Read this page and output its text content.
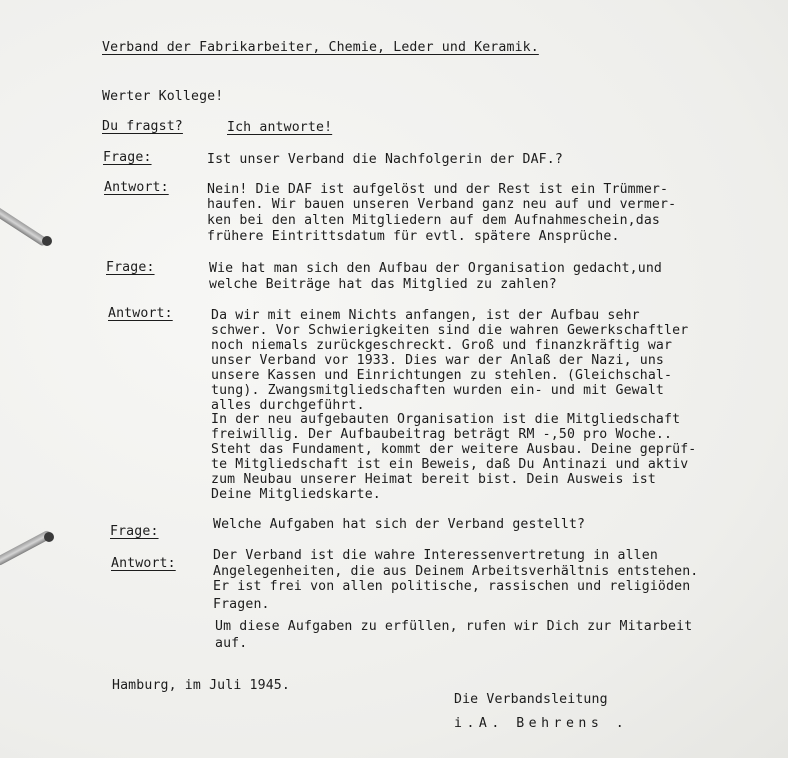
Verband der Fabrikarbeiter, Chemie, Leder und Keramik.
Werter Kollege!
Du fragst?	Ich antworte!
Frage:	Ist unser Verband die Nachfolgerin der DAF.?
Antwort:	Nein! Die DAF ist aufgelöst und der Rest ist ein Trümmer-
haufen. Wir bauen unseren Verband ganz neu auf und vermer-
ken bei den alten Mitgliedern auf dem Aufnahmeschein,das
frühere Eintrittsdatum für evtl. spätere Ansprüche.
Frage:	Wie hat man sich den Aufbau der Organisation gedacht,und
welche Beiträge hat das Mitglied zu zahlen?
Antwort:	Da wir mit einem Nichts anfangen, ist der Aufbau sehr
schwer. Vor Schwierigkeiten sind die wahren Gewerkschaftler
noch niemals zurückgeschreckt. Groß und finanzkräftig war
unser Verband vor 1933. Dies war der Anlaß der Nazi, uns
unsere Kassen und Einrichtungen zu stehlen. (Gleichschal-
tung). Zwangsmitgliedschaften wurden ein- und mit Gewalt
alles durchgeführt.
In der neu aufgebauten Organisation ist die Mitgliedschaft
freiwillig. Der Aufbaubeitrag beträgt RM -,50 pro Woche..
Steht das Fundament, kommt der weitere Ausbau. Deine geprüf-
te Mitgliedschaft ist ein Beweis, daß Du Antinazi und aktiv
zum Neubau unserer Heimat bereit bist. Dein Ausweis ist
Deine Mitgliedskarte.
Frage:	Welche Aufgaben hat sich der Verband gestellt?
Antwort:
Der Verband ist die wahre Interessenvertretung in allen
Angelegenheiten, die aus Deinem Arbeitsverhältnis entstehen.
Er ist frei von allen politische, rassischen und religiöden
Fragen.
Um diese Aufgaben zu erfüllen, rufen wir Dich zur Mitarbeit
auf.
Hamburg, im Juli 1945.
Die Verbandsleitung
i.A. Behrens .
